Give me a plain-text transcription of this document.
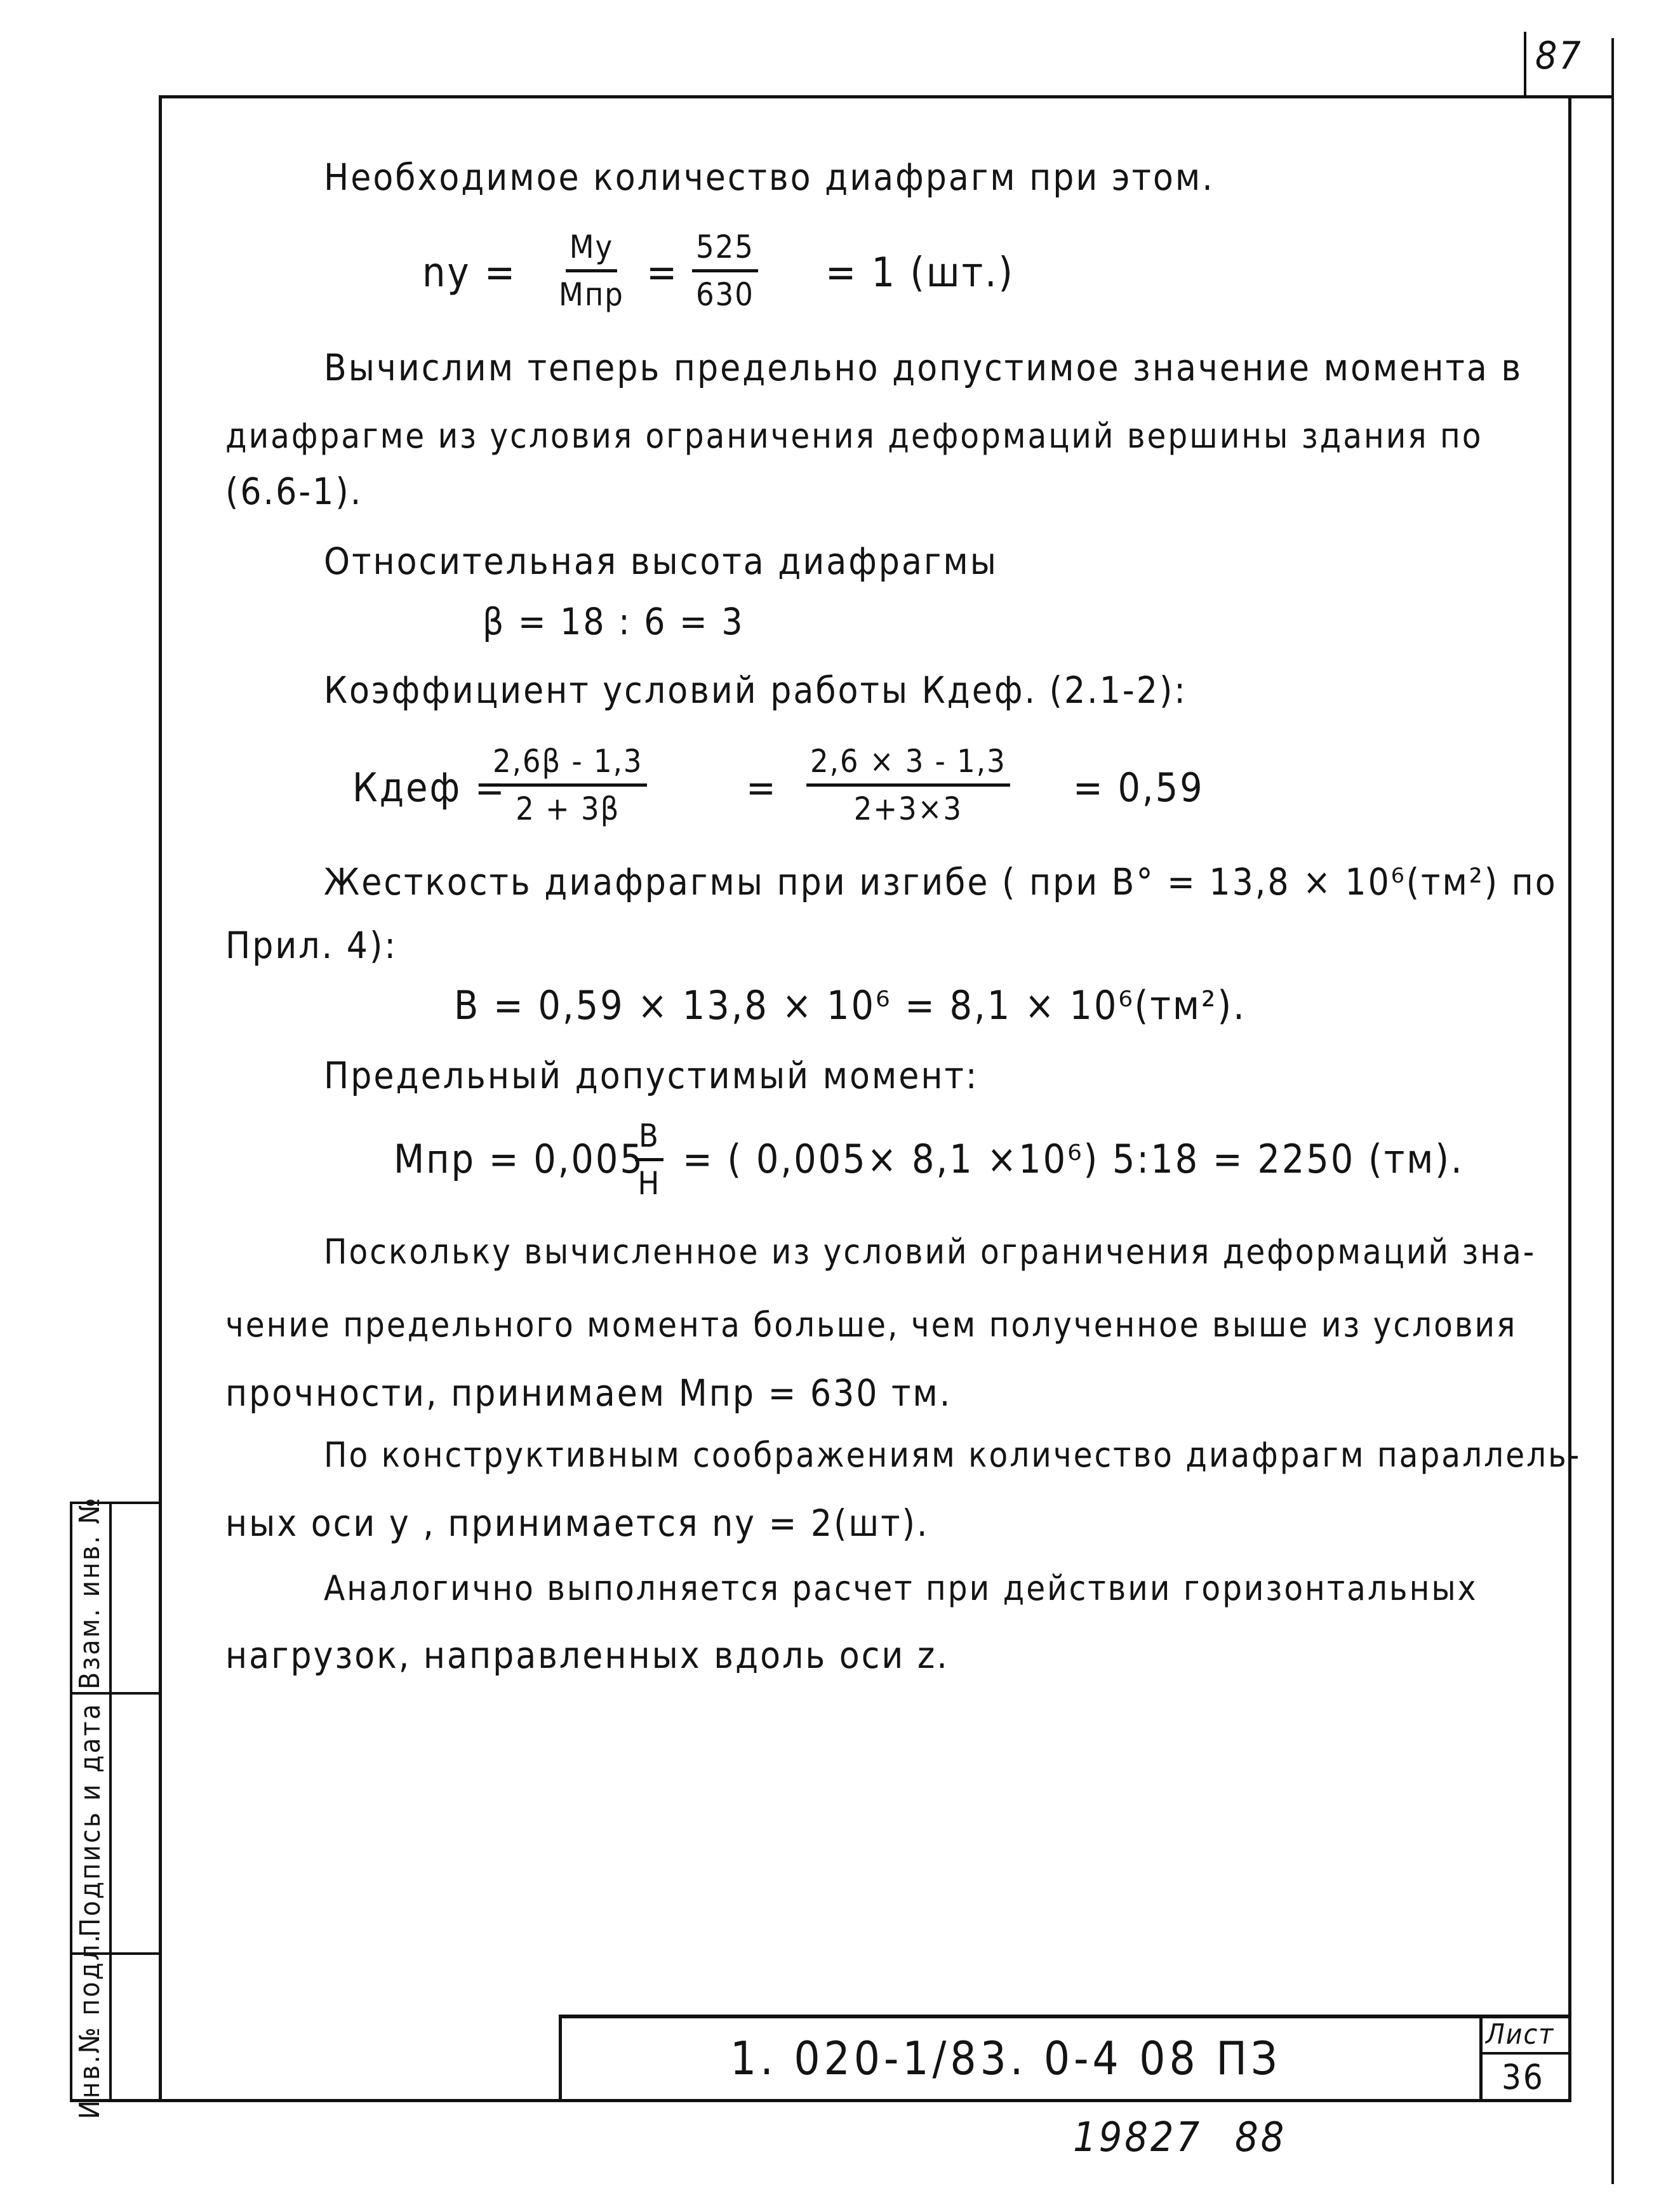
87
Необходимое количество диафрагм при этом.
ny =
My
Mпр = $\frac{525}{630} = 1$ (шт.)
Вычислим теперь предельно допустимое значение момента в
диафрагме из условия ограничения деформаций вершины здания по
(6.6-1).
Относительная высота диафрагмы
β = 18 : 6 = 3
Коэффициент условий работы Кдеф. (2.1-2):
Кдеф =
$\frac{2,6\beta - 1,3}{2 + 3\beta}$	= $\frac{2,6 \times 3 - 1,3}{2+3\times 3} = 0,59$
Жесткость диафрагмы при изгибе ( при В° = 13,8 × 10⁶(тм²) по
Прил. 4):
В = 0,59 × 13,8 × 10⁶ = 8,1 × 10⁶(тм²).
Предельный допустимый момент:
Мпр = 0,005
В
Н
= ( 0,005× 8,1 ×10⁶) 5:18 = 2250 (тм).
Поскольку вычисленное из условий ограничения деформаций зна-
чение предельного момента больше, чем полученное выше из условия
прочности, принимаем Мпр = 630 тм.
По конструктивным соображениям количество диафрагм параллель-
ных оси y , принимается ny = 2(шт).
Аналогично выполняется расчет при действии горизонтальных
нагрузок, направленных вдоль оси z.
Взам. инв. №
Подпись и дата
Инв.№ подл.	1. 020-1/83. 0-4 08 ПЗ	Лист
36
19827 88
